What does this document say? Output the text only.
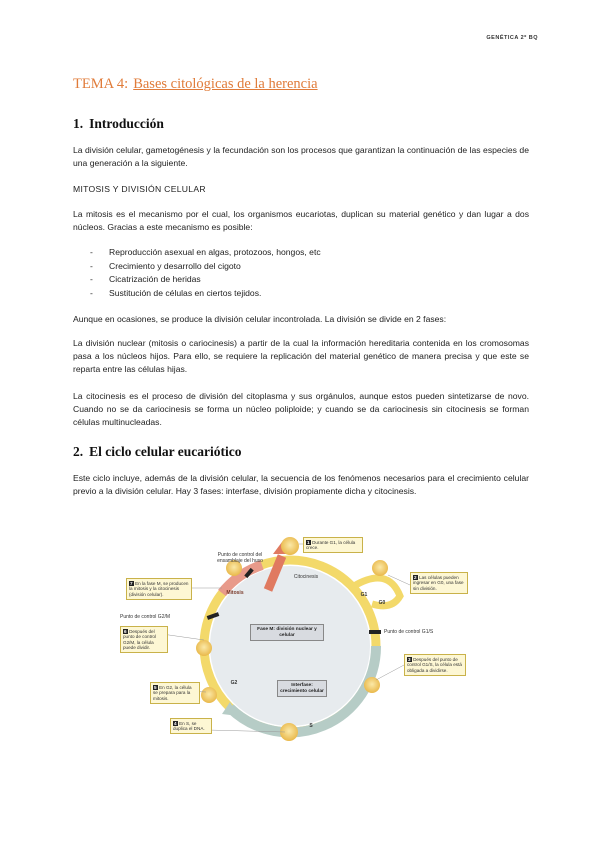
GENÉTICA 2º BQ
TEMA 4: Bases citológicas de la herencia
1. Introducción
La división celular, gametogénesis y la fecundación son los procesos que garantizan la continuación de las especies de una generación a la siguiente.
MITOSIS Y DIVISIÓN CELULAR
La mitosis es el mecanismo por el cual, los organismos eucariotas, duplican su material genético y dan lugar a dos núcleos. Gracias a este mecanismo es posible:
- Reproducción asexual en algas, protozoos, hongos, etc
- Crecimiento y desarrollo del cigoto
- Cicatrización de heridas
- Sustitución de células en ciertos tejidos.
Aunque en ocasiones, se produce la división celular incontrolada. La división se divide en 2 fases:
La división nuclear (mitosis o cariocinesis) a partir de la cual la información hereditaria contenida en los cromosomas pasa a los núcleos hijos. Para ello, se requiere la replicación del material genético de manera precisa y que este se reparta entre las células hijas.
La citocinesis es el proceso de división del citoplasma y sus orgánulos, aunque estos pueden sintetizarse de novo. Cuando no se da cariocinesis se forma un núcleo poliploide; y cuando se da cariocinesis sin citocinesis se forman células multinucleadas.
2. El ciclo celular eucariótico
Este ciclo incluye, además de la división celular, la secuencia de los fenómenos necesarios para el crecimiento celular previo a la división celular. Hay 3 fases: interfase, división propiamente dicha y citocinesis.
Fase M: división nuclear y celular
Interfase: crecimiento celular
1 Durante G1, la célula crece.
2 Las células pueden ingresar en G0, una fase sin división.
3 Después del punto de control G1/S, la célula está obligada a dividirse.
4 En S, se duplica el DNA.
5 En G2, la célula se prepara para la mitosis.
6 Después del punto de control G2/M, la célula puede dividir.
7 En la fase M, se producen la mitosis y la citocinesis (división celular).
Punto de control del ensamblaje del huso
Citocinesis
Punto de control G2/M
Punto de control G1/S
Mitosis	G1
G0
G2
S
